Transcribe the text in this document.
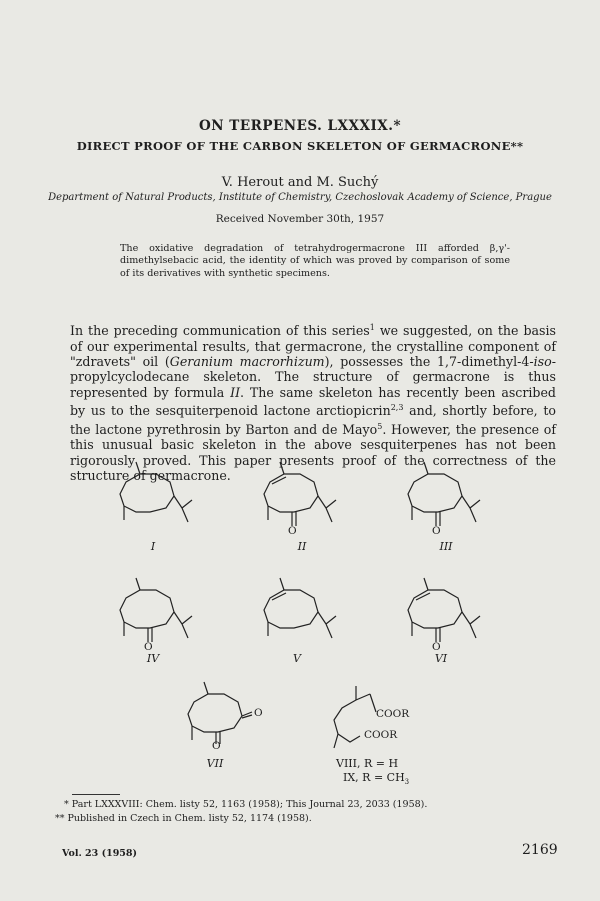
ON TERPENES. LXXXIX.*
DIRECT PROOF OF THE CARBON SKELETON OF GERMACRONE**
V. Herout and M. Suchý
Department of Natural Products, Institute of Chemistry, Czechoslovak Academy of Science, Prague
Received November 30th, 1957
The oxidative degradation of tetrahydrogermacrone III afforded β,γ'-dimethylsebacic acid, the identity of which was proved by comparison of some of its derivatives with synthetic specimens.
In the preceding communication of this series$^1$ we suggested, on the basis of our experimental results, that germacrone, the crystalline component of "zdravets" oil (Geranium macrorhizum), possesses the 1,7-dimethyl-4-iso-propylcyclodecane skeleton. The structure of germacrone is thus represented by formula II. The same skeleton has recently been ascribed by us to the sesquiterpenoid lactone arctiopicrin$^{2,3}$ and, shortly before, to the lactone pyrethrosin by Barton and de Mayo$^5$. However, the presence of this unusual basic skeleton in the above sesquiterpenes has not been rigorously proved. This paper presents proof of the correctness of the structure of germacrone.
I
O
II
O
III
O
IV	V
O
VI
O
O
VII
COOR
COOR
VIII, R = H
IX, $R = CH_3$
* Part LXXXVIII: Chem. listy 52, 1163 (1958); This Journal 23, 2033 (1958).
** Published in Czech in Chem. listy 52, 1174 (1958).
Vol. 23 (1958)	2169
